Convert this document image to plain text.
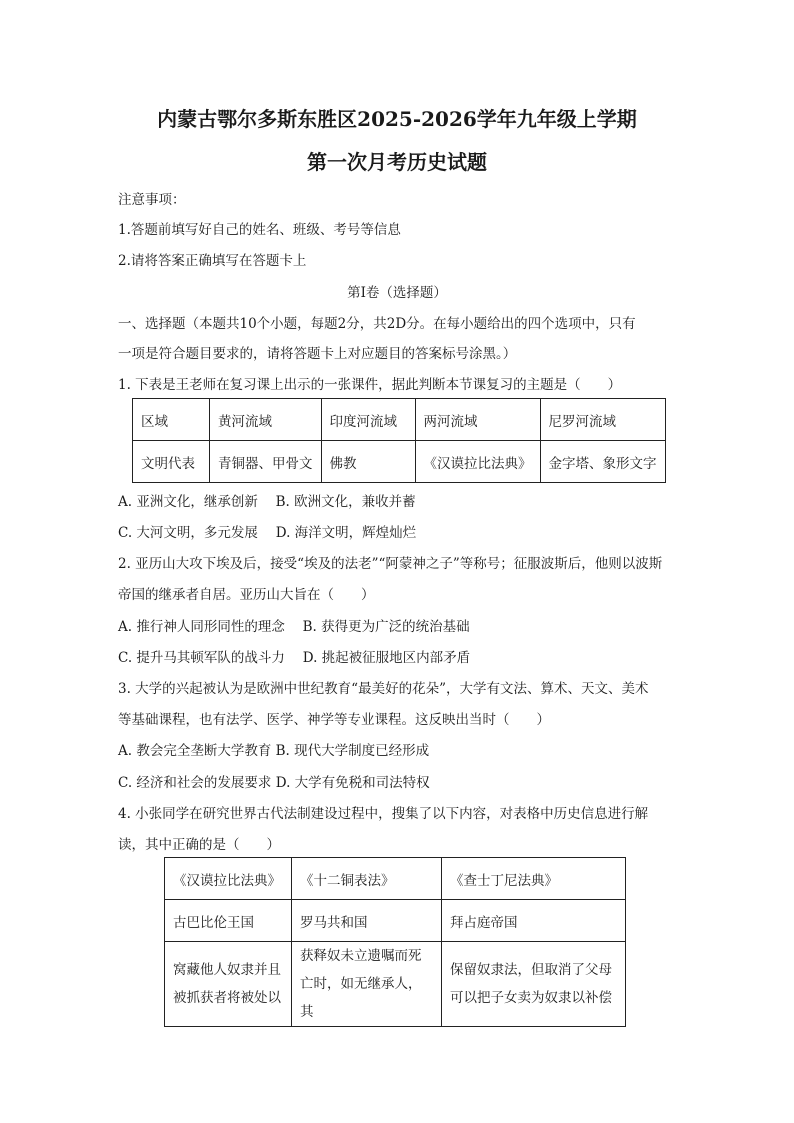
内蒙古鄂尔多斯东胜区2025-2026学年九年级上学期
第一次月考历史试题
注意事项：
1.答题前填写好自己的姓名、班级、考号等信息
2.请将答案正确填写在答题卡上
第I卷（选择题）
一、选择题（本题共10个小题，每题2分，共2D分。在每小题给出的四个选项中，只有
一项是符合题目要求的，请将答题卡上对应题目的答案标号涂黑。）
1. 下表是王老师在复习课上出示的一张课件，据此判断本节课复习的主题是（　　）
区域	黄河流域	印度河流域	两河流域	尼罗河流域
文明代表	青铜器、甲骨文	佛教	《汉谟拉比法典》	金字塔、象形文字
A. 亚洲文化，继承创新　 B. 欧洲文化，兼收并蓄
C. 大河文明，多元发展　 D. 海洋文明，辉煌灿烂
2. 亚历山大攻下埃及后，接受“埃及的法老”“阿蒙神之子”等称号；征服波斯后，他则以波斯
帝国的继承者自居。亚历山大旨在（　　）
A. 推行神人同形同性的理念　 B. 获得更为广泛的统治基础
C. 提升马其顿军队的战斗力　 D. 挑起被征服地区内部矛盾
3. 大学的兴起被认为是欧洲中世纪教育“最美好的花朵”，大学有文法、算术、天文、美术
等基础课程，也有法学、医学、神学等专业课程。这反映出当时（　　）
A. 教会完全垄断大学教育 B. 现代大学制度已经形成
C. 经济和社会的发展要求 D. 大学有免税和司法特权
4. 小张同学在研究世界古代法制建设过程中，搜集了以下内容，对表格中历史信息进行解
读，其中正确的是（　　）
《汉谟拉比法典》	《十二铜表法》	《查士丁尼法典》
古巴比伦王国	罗马共和国	拜占庭帝国
窝藏他人奴隶并且被抓获者将被处以	获释奴未立遗嘱而死亡时，如无继承人，其	保留奴隶法，但取消了父母可以把子女卖为奴隶以补偿
